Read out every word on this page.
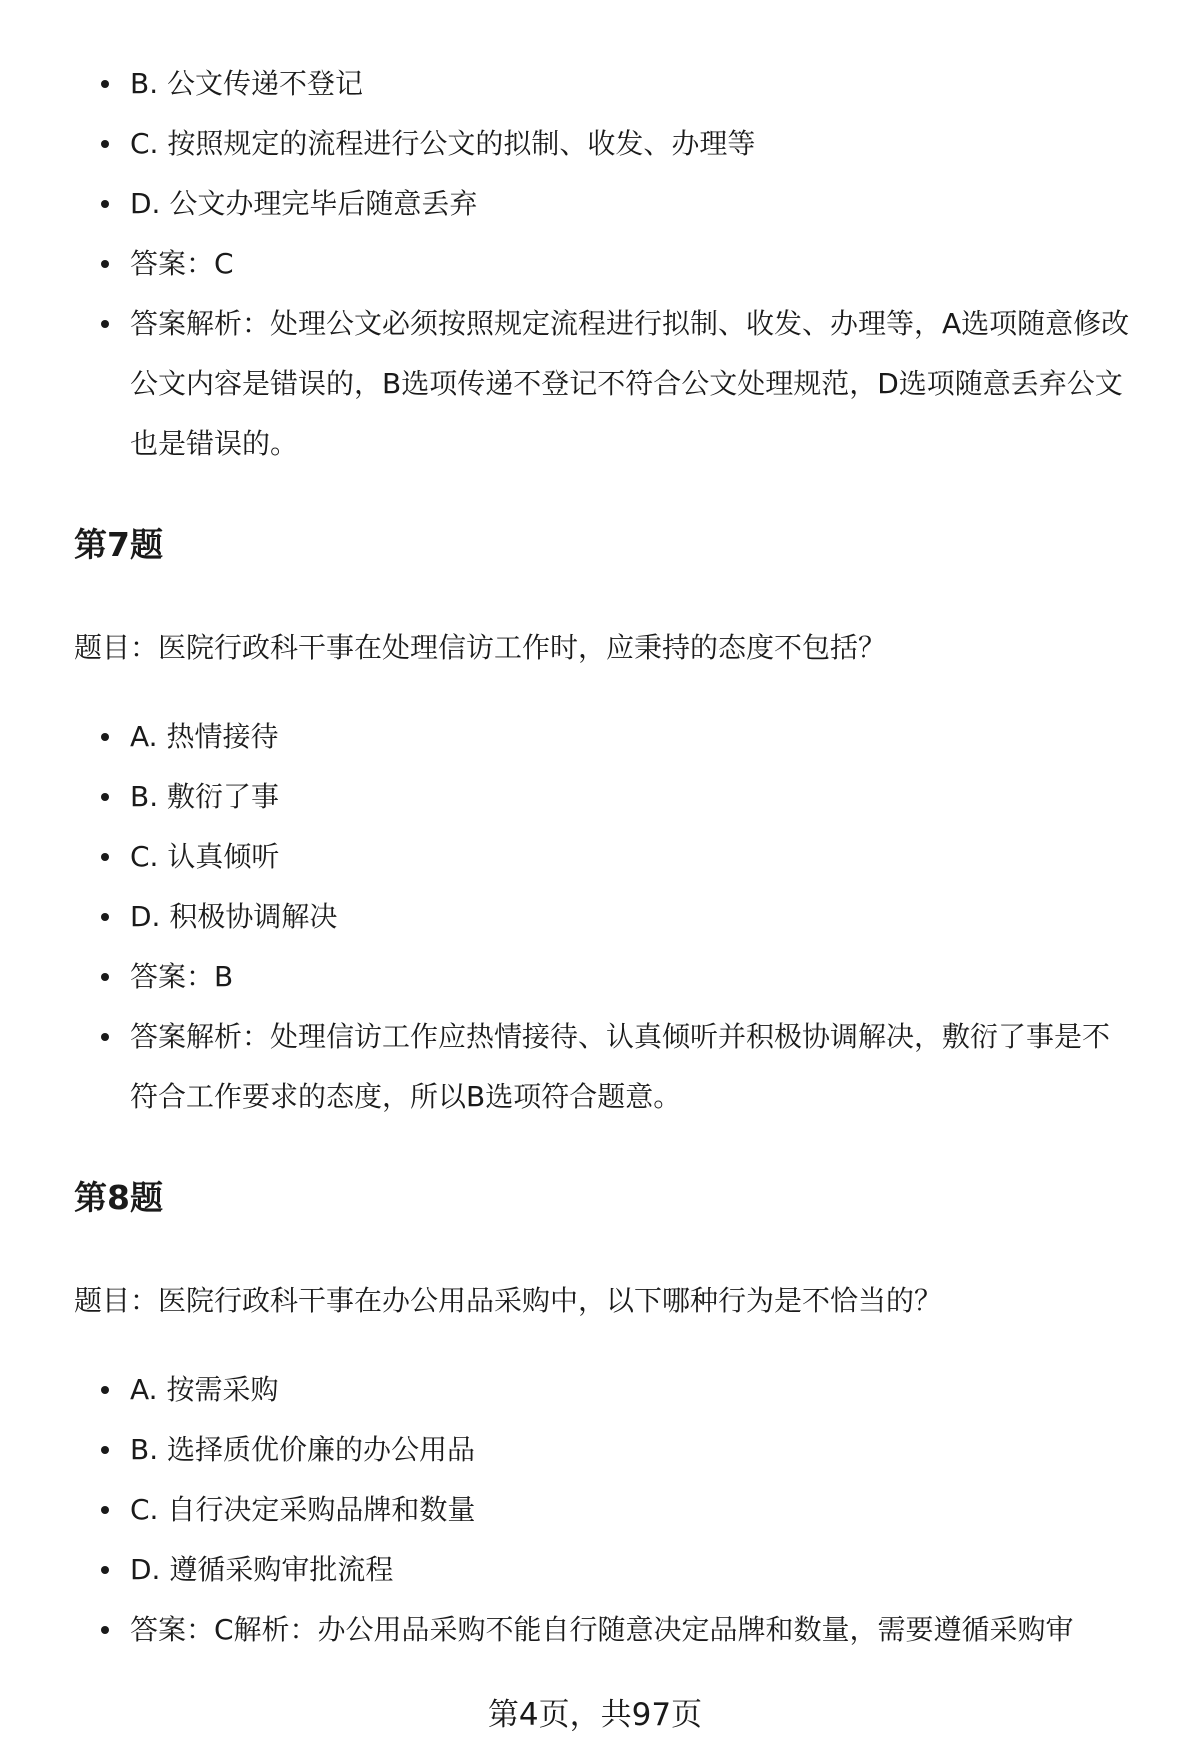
B. 公文传递不登记
C. 按照规定的流程进行公文的拟制、收发、办理等
D. 公文办理完毕后随意丢弃
答案：C
答案解析：处理公文必须按照规定流程进行拟制、收发、办理等，A选项随意修改公文内容是错误的，B选项传递不登记不符合公文处理规范，D选项随意丢弃公文也是错误的。
第7题
题目：医院行政科干事在处理信访工作时，应秉持的态度不包括？
A. 热情接待
B. 敷衍了事
C. 认真倾听
D. 积极协调解决
答案：B
答案解析：处理信访工作应热情接待、认真倾听并积极协调解决，敷衍了事是不符合工作要求的态度，所以B选项符合题意。
第8题
题目：医院行政科干事在办公用品采购中，以下哪种行为是不恰当的？
A. 按需采购
B. 选择质优价廉的办公用品
C. 自行决定采购品牌和数量
D. 遵循采购审批流程
答案：C解析：办公用品采购不能自行随意决定品牌和数量，需要遵循采购审
第4页，共97页
